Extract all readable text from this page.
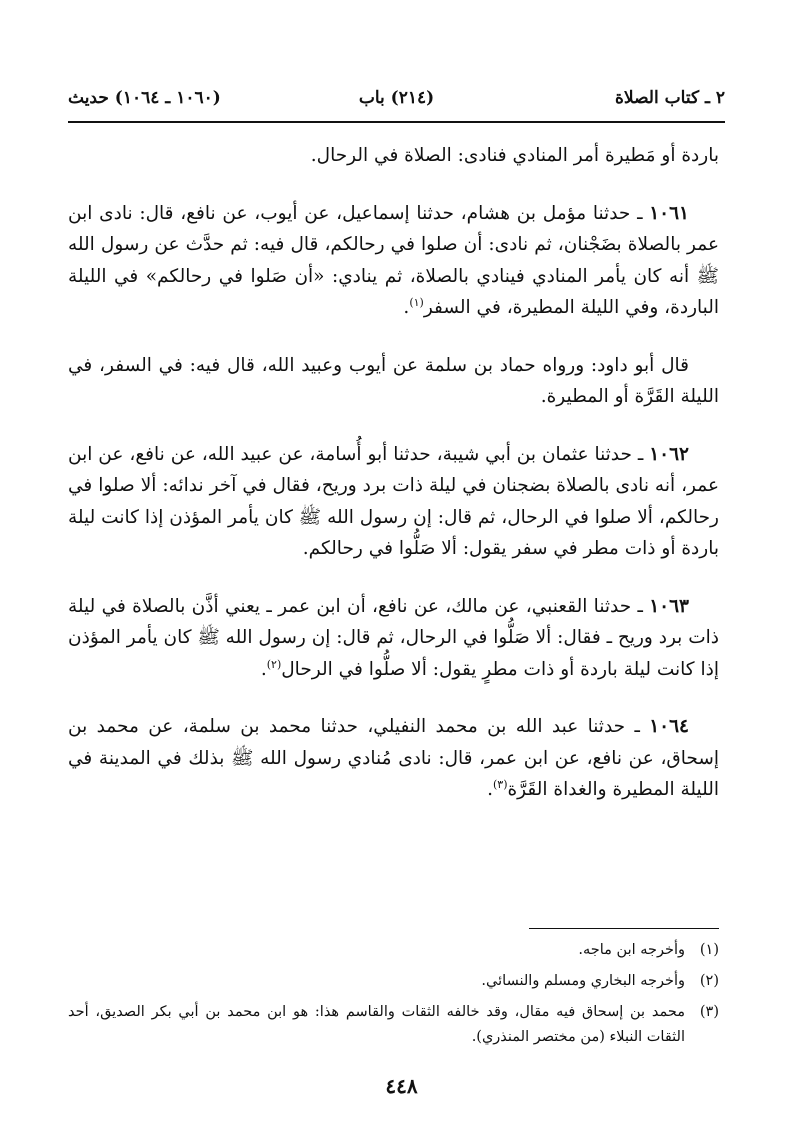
٢ ـ كتاب الصلاة
(٢١٤) باب
(١٠٦٠ ـ ١٠٦٤) حديث

باردة أو مَطيرة أمر المنادي فنادى: الصلاة في الرحال.

١٠٦١ ـ حدثنا مؤمل بن هشام، حدثنا إسماعيل، عن أيوب، عن نافع، قال: نادى ابن عمر بالصلاة بضَجْنان، ثم نادى: أن صلوا في رحالكم، قال فيه: ثم حدَّث عن رسول الله ﷺ أنه كان يأمر المنادي فينادي بالصلاة، ثم ينادي: «أن صَلوا في رحالكم» في الليلة الباردة، وفي الليلة المطيرة، في السفر$^{(١)}$.

قال أبو داود: ورواه حماد بن سلمة عن أيوب وعبيد الله، قال فيه: في السفر، في الليلة القَرَّة أو المطيرة.

١٠٦٢ ـ حدثنا عثمان بن أبي شيبة، حدثنا أبو أُسامة، عن عبيد الله، عن نافع، عن ابن عمر، أنه نادى بالصلاة بضجنان في ليلة ذات برد وريح، فقال في آخر ندائه: ألا صلوا في رحالكم، ألا صلوا في الرحال، ثم قال: إن رسول الله ﷺ كان يأمر المؤذن إذا كانت ليلة باردة أو ذات مطر في سفر يقول: ألا صَلُّوا في رحالكم.

١٠٦٣ ـ حدثنا القعنبي، عن مالك، عن نافع، أن ابن عمر ـ يعني أذَّن بالصلاة في ليلة ذات برد وريح ـ فقال: ألا صَلُّوا في الرحال، ثم قال: إن رسول الله ﷺ كان يأمر المؤذن إذا كانت ليلة باردة أو ذات مطرٍ يقول: ألا صلُّوا في الرحال$^{(٢)}$.

١٠٦٤ ـ حدثنا عبد الله بن محمد النفيلي، حدثنا محمد بن سلمة، عن محمد بن إسحاق، عن نافع، عن ابن عمر، قال: نادى مُنادي رسول الله ﷺ بذلك في المدينة في الليلة المطيرة والغداة القَرَّة$^{(٣)}$.

(١)
وأخرجه ابن ماجه.
(٢)
وأخرجه البخاري ومسلم والنسائي.
(٣)
محمد بن إسحاق فيه مقال، وقد خالفه الثقات والقاسم هذا: هو ابن محمد بن أبي بكر الصديق، أحد الثقات النبلاء (من مختصر المنذري).
٤٤٨
